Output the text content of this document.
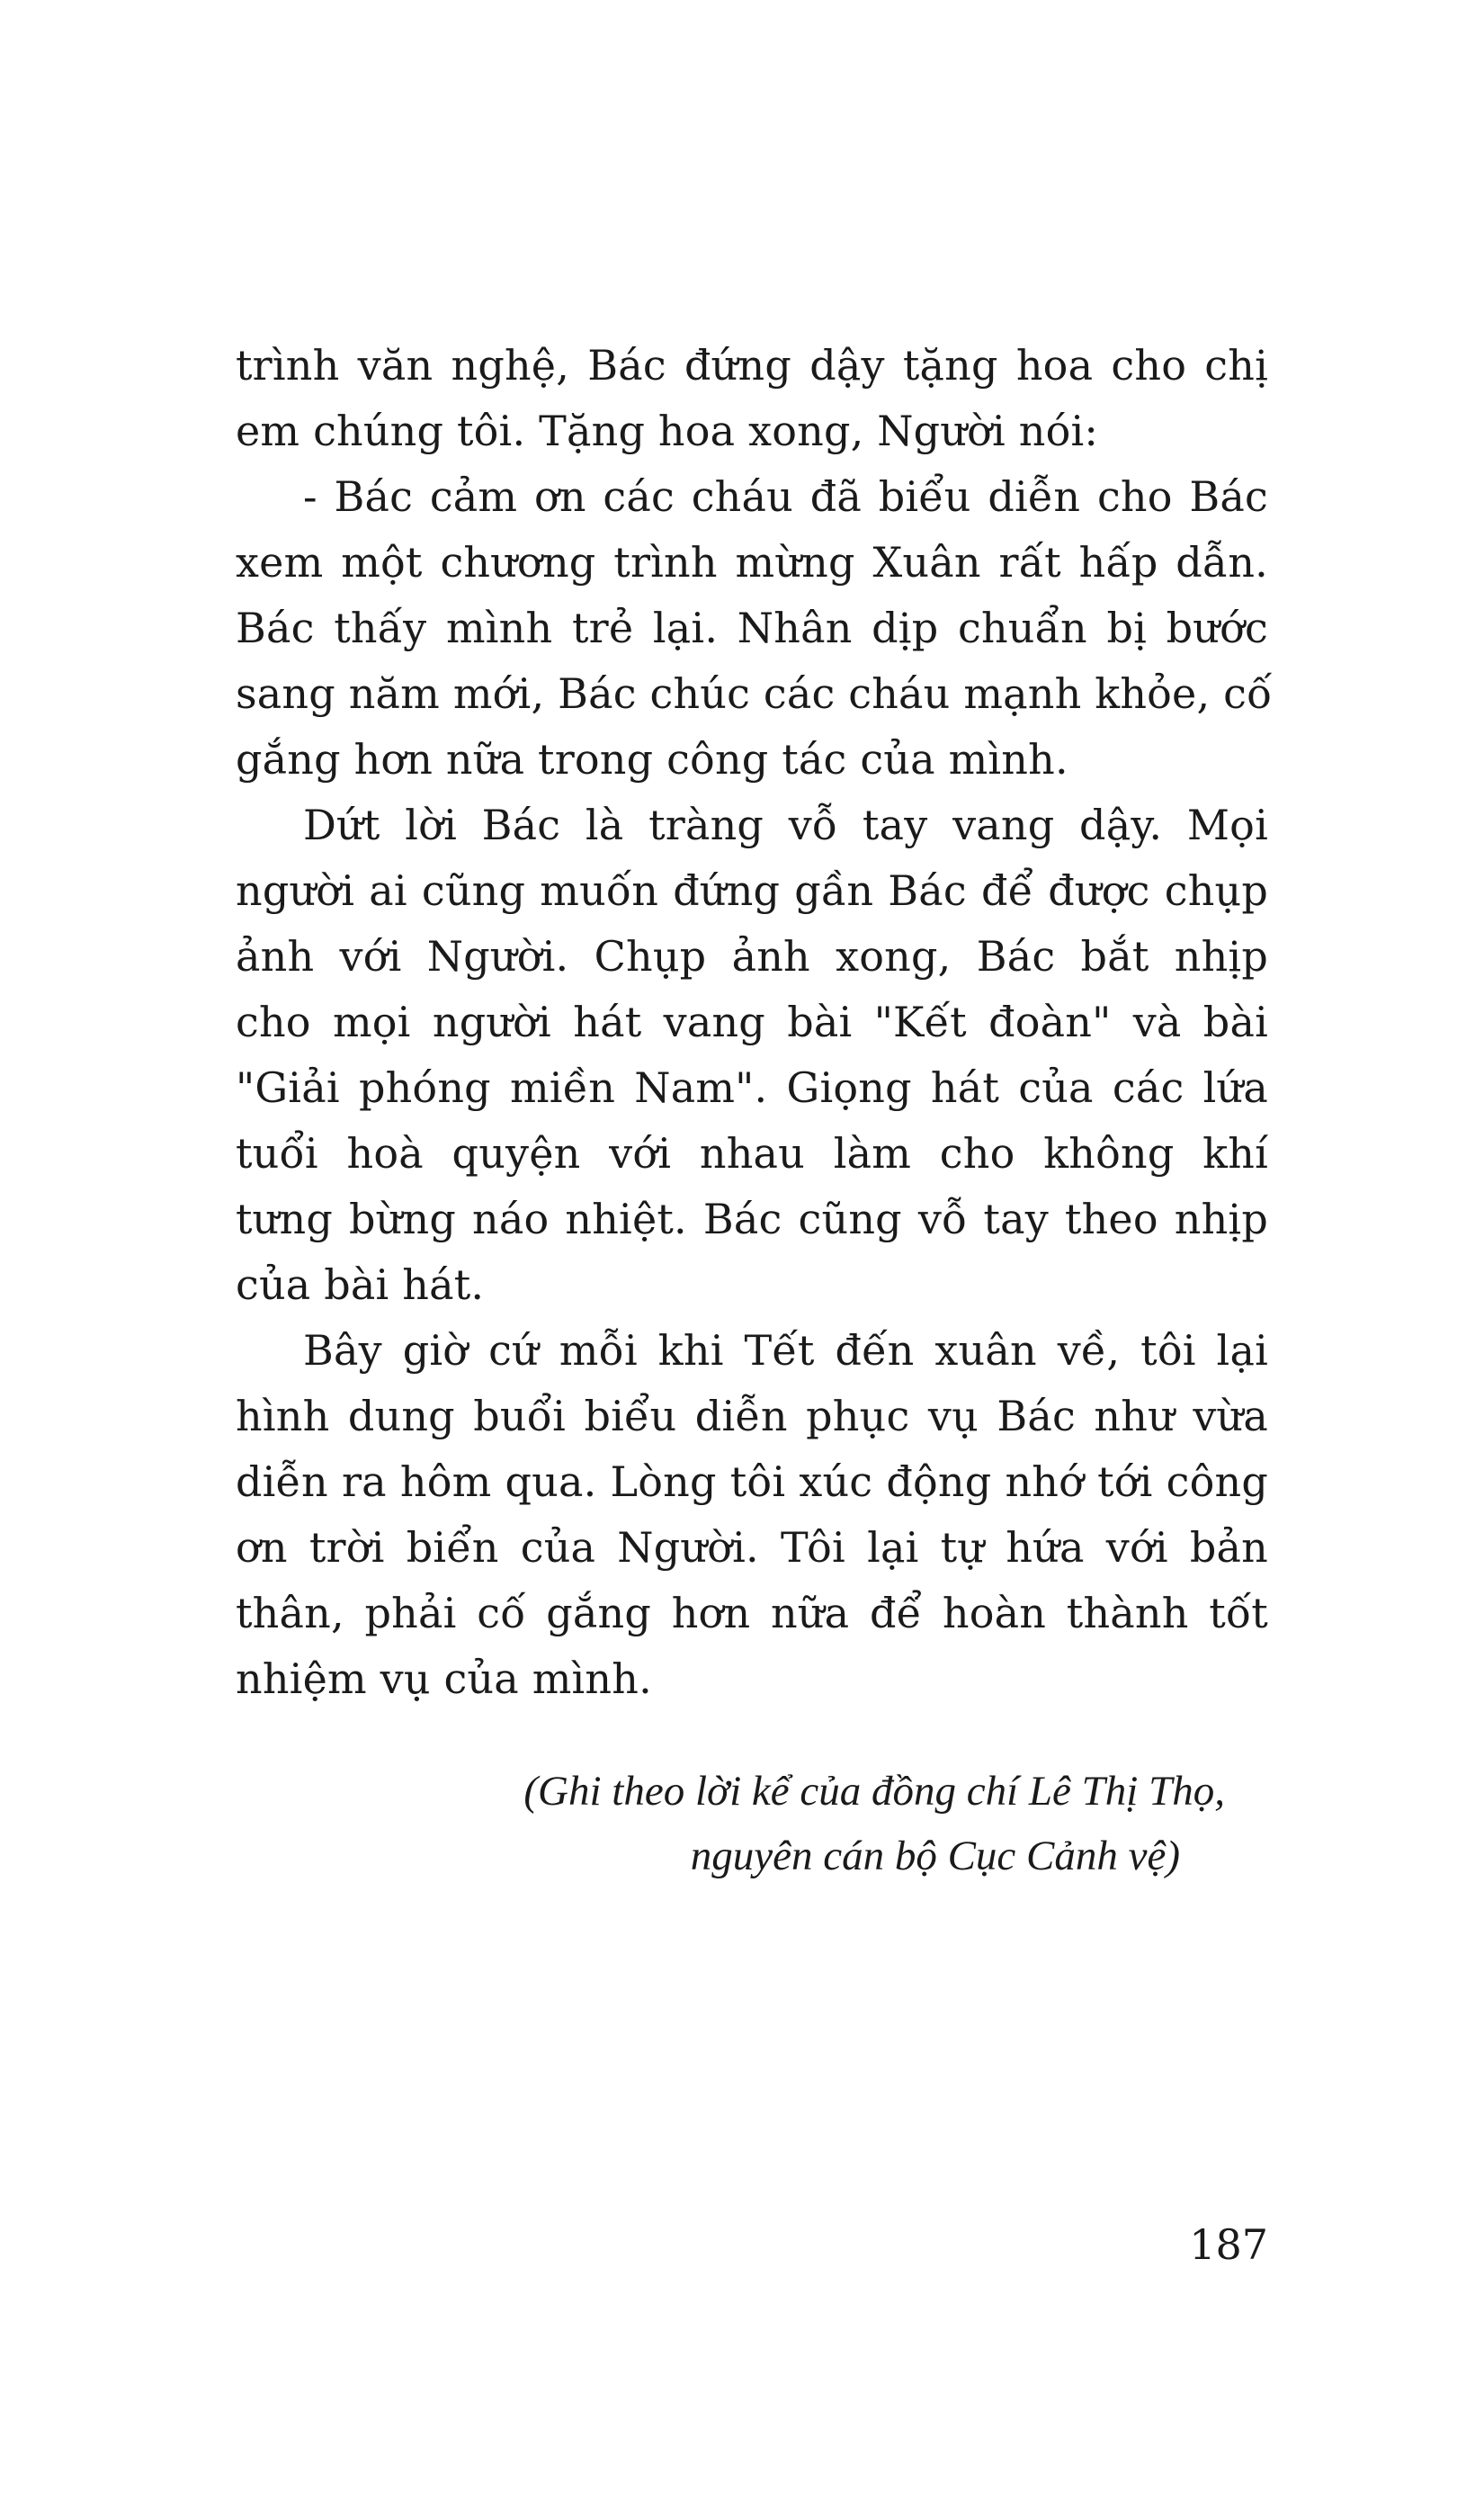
trình văn nghệ, Bác đứng dậy tặng hoa cho chị
em chúng tôi. Tặng hoa xong, Người nói:
- Bác cảm ơn các cháu đã biểu diễn cho Bác
xem một chương trình mừng Xuân rất hấp dẫn.
Bác thấy mình trẻ lại. Nhân dịp chuẩn bị bước
sang năm mới, Bác chúc các cháu mạnh khỏe, cố
gắng hơn nữa trong công tác của mình.
Dứt lời Bác là tràng vỗ tay vang dậy. Mọi
người ai cũng muốn đứng gần Bác để được chụp
ảnh với Người. Chụp ảnh xong, Bác bắt nhịp
cho mọi người hát vang bài "Kết đoàn" và bài
"Giải phóng miền Nam". Giọng hát của các lứa
tuổi hoà quyện với nhau làm cho không khí
tưng bừng náo nhiệt. Bác cũng vỗ tay theo nhịp
của bài hát.
Bây giờ cứ mỗi khi Tết đến xuân về, tôi lại
hình dung buổi biểu diễn phục vụ Bác như vừa
diễn ra hôm qua. Lòng tôi xúc động nhớ tới công
ơn trời biển của Người. Tôi lại tự hứa với bản
thân, phải cố gắng hơn nữa để hoàn thành tốt
nhiệm vụ của mình.
(Ghi theo lời kể của đồng chí Lê Thị Thọ,
nguyên cán bộ Cục Cảnh vệ)
187
